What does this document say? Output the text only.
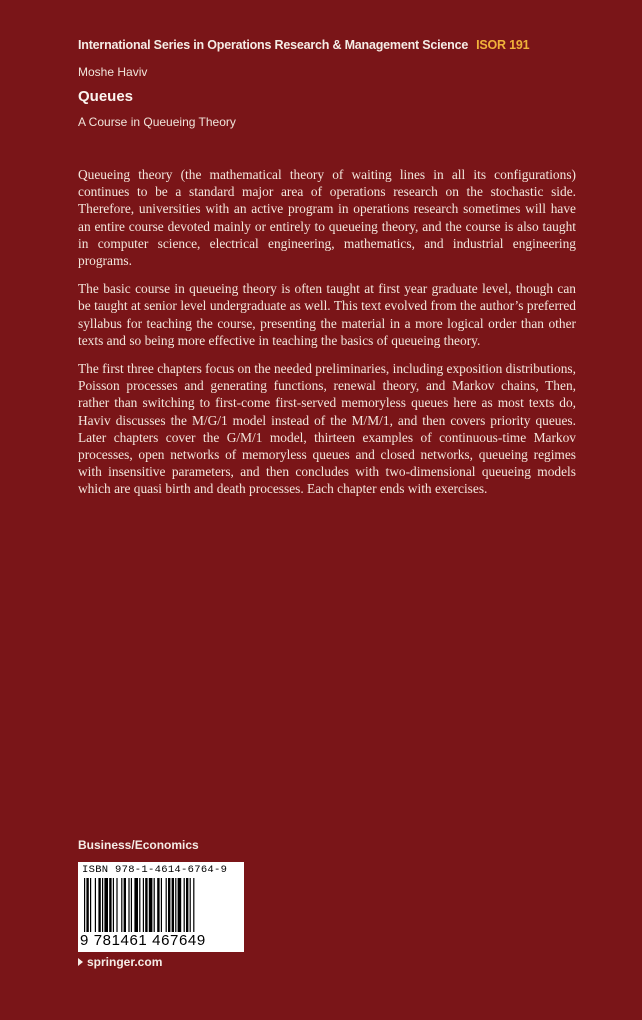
International Series in Operations Research & Management Science ISOR 191
Moshe Haviv
Queues
A Course in Queueing Theory

Queueing theory (the mathematical theory of waiting lines in all its configurations) continues to be a standard major area of operations research on the stochastic side. Therefore, universities with an active program in operations research sometimes will have an entire course devoted mainly or entirely to queueing theory, and the course is also taught in computer science, electrical engineering, mathematics, and industrial engineering programs.

The basic course in queueing theory is often taught at first year graduate level, though can be taught at senior level undergraduate as well. This text evolved from the author’s preferred syllabus for teaching the course, presenting the material in a more logical order than other texts and so being more effective in teaching the basics of queueing theory.

The first three chapters focus on the needed preliminaries, including exposition distributions, Poisson processes and generating functions, renewal theory, and Markov chains, Then, rather than switching to first-come first-served memoryless queues here as most texts do, Haviv discusses the M/G/1 model instead of the M/M/1, and then covers priority queues. Later chapters cover the G/M/1 model, thirteen examples of continuous-time Markov processes, open networks of memoryless queues and closed networks, queueing regimes with insensitive parameters, and then concludes with two-dimensional queueing models which are quasi birth and death processes. Each chapter ends with exercises.

Business/Economics
ISBN 978-1-4614-6764-9
9 781461 467649
springer.com
